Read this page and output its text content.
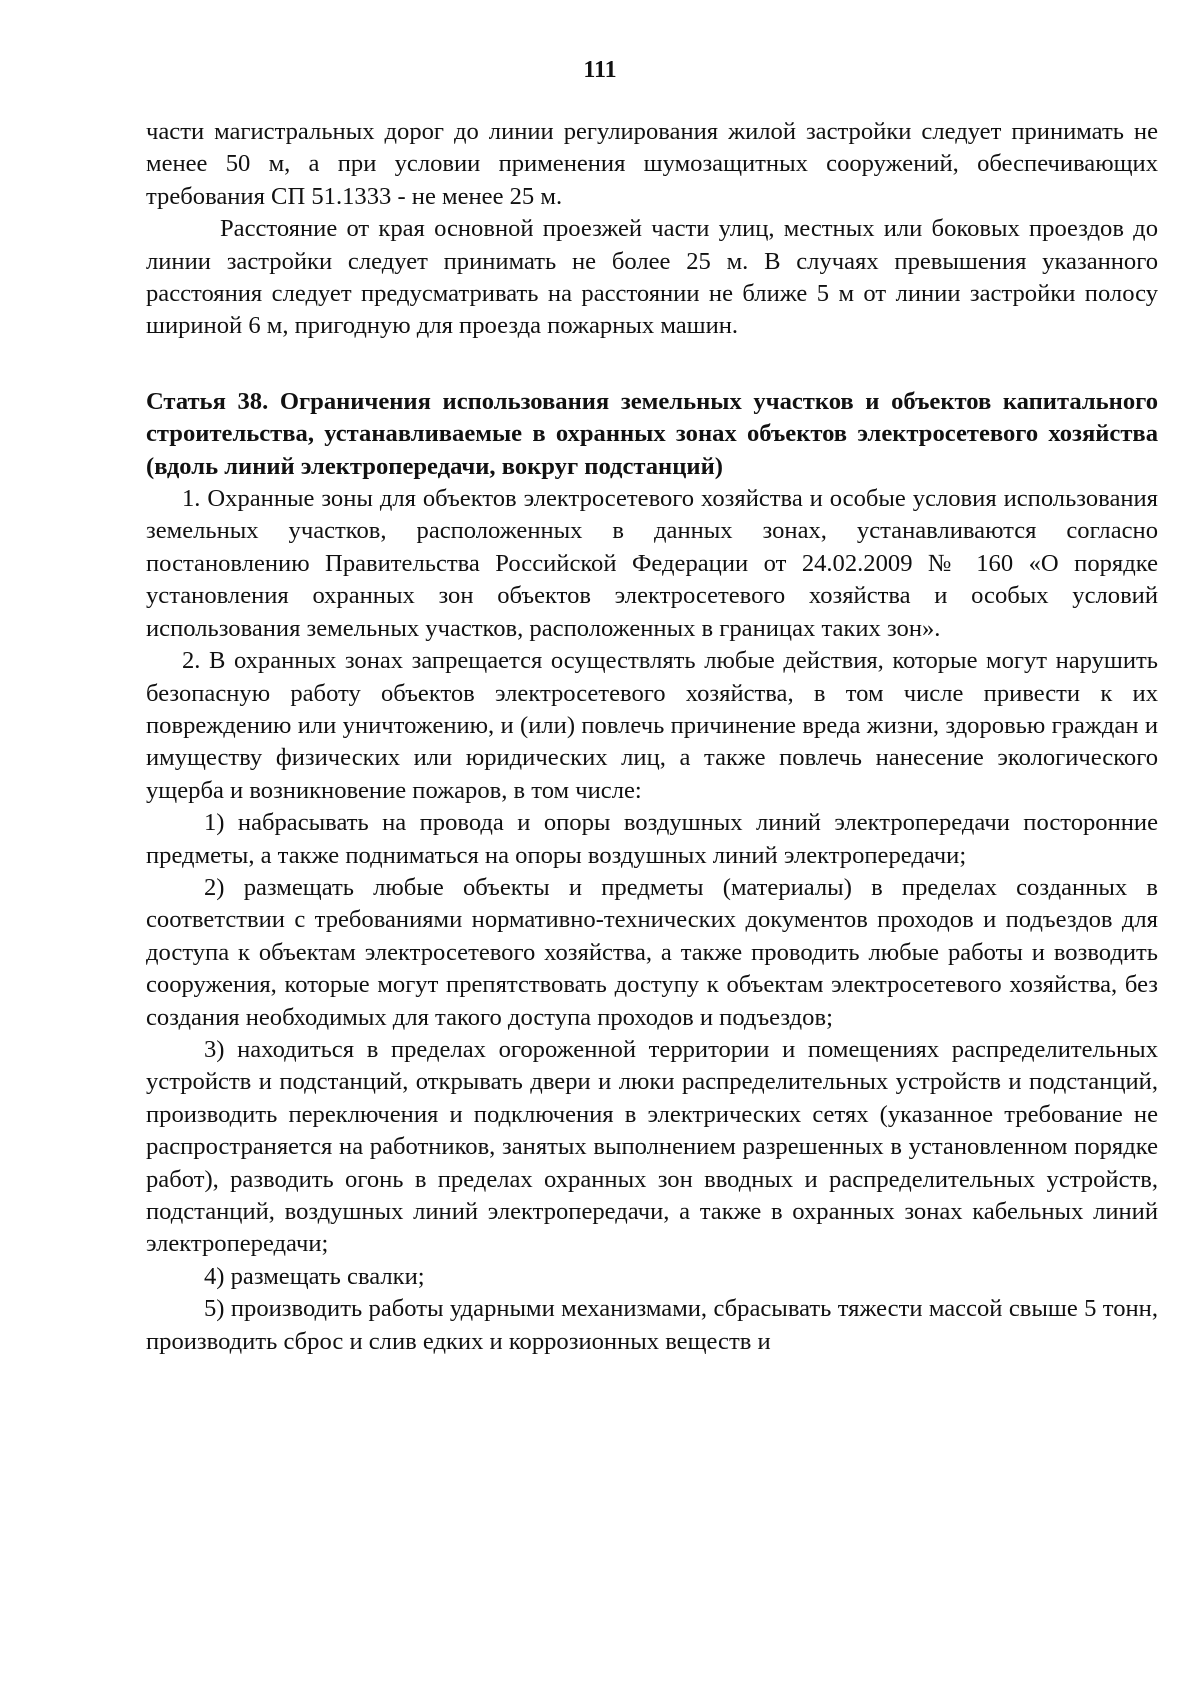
111

части магистральных дорог до линии регулирования жилой застройки следует принимать не менее 50 м, а при условии применения шумозащитных сооружений, обеспечивающих требования СП 51.1333 - не менее 25 м.

Расстояние от края основной проезжей части улиц, местных или боковых проездов до линии застройки следует принимать не более 25 м. В случаях превышения указанного расстояния следует предусматривать на расстоянии не ближе 5 м от линии застройки полосу шириной 6 м, пригодную для проезда пожарных машин.

Статья 38. Ограничения использования земельных участков и объектов капитального строительства, устанавливаемые в охранных зонах объектов электросетевого хозяйства (вдоль линий электропередачи, вокруг подстанций)

1. Охранные зоны для объектов электросетевого хозяйства и особые условия использования земельных участков, расположенных в данных зонах, устанавливаются согласно постановлению Правительства Российской Федерации от 24.02.2009 № 160 «О порядке установления охранных зон объектов электросетевого хозяйства и особых условий использования земельных участков, расположенных в границах таких зон».

2. В охранных зонах запрещается осуществлять любые действия, которые могут нарушить безопасную работу объектов электросетевого хозяйства, в том числе привести к их повреждению или уничтожению, и (или) повлечь причинение вреда жизни, здоровью граждан и имуществу физических или юридических лиц, а также повлечь нанесение экологического ущерба и возникновение пожаров, в том числе:

1) набрасывать на провода и опоры воздушных линий электропередачи посторонние предметы, а также подниматься на опоры воздушных линий электропередачи;

2) размещать любые объекты и предметы (материалы) в пределах созданных в соответствии с требованиями нормативно-технических документов проходов и подъездов для доступа к объектам электросетевого хозяйства, а также проводить любые работы и возводить сооружения, которые могут препятствовать доступу к объектам электросетевого хозяйства, без создания необходимых для такого доступа проходов и подъездов;

3) находиться в пределах огороженной территории и помещениях распределительных устройств и подстанций, открывать двери и люки распределительных устройств и подстанций, производить переключения и подключения в электрических сетях (указанное требование не распространяется на работников, занятых выполнением разрешенных в установленном порядке работ), разводить огонь в пределах охранных зон вводных и распределительных устройств, подстанций, воздушных линий электропередачи, а также в охранных зонах кабельных линий электропередачи;

4) размещать свалки;

5) производить работы ударными механизмами, сбрасывать тяжести массой свыше 5 тонн, производить сброс и слив едких и коррозионных веществ и
